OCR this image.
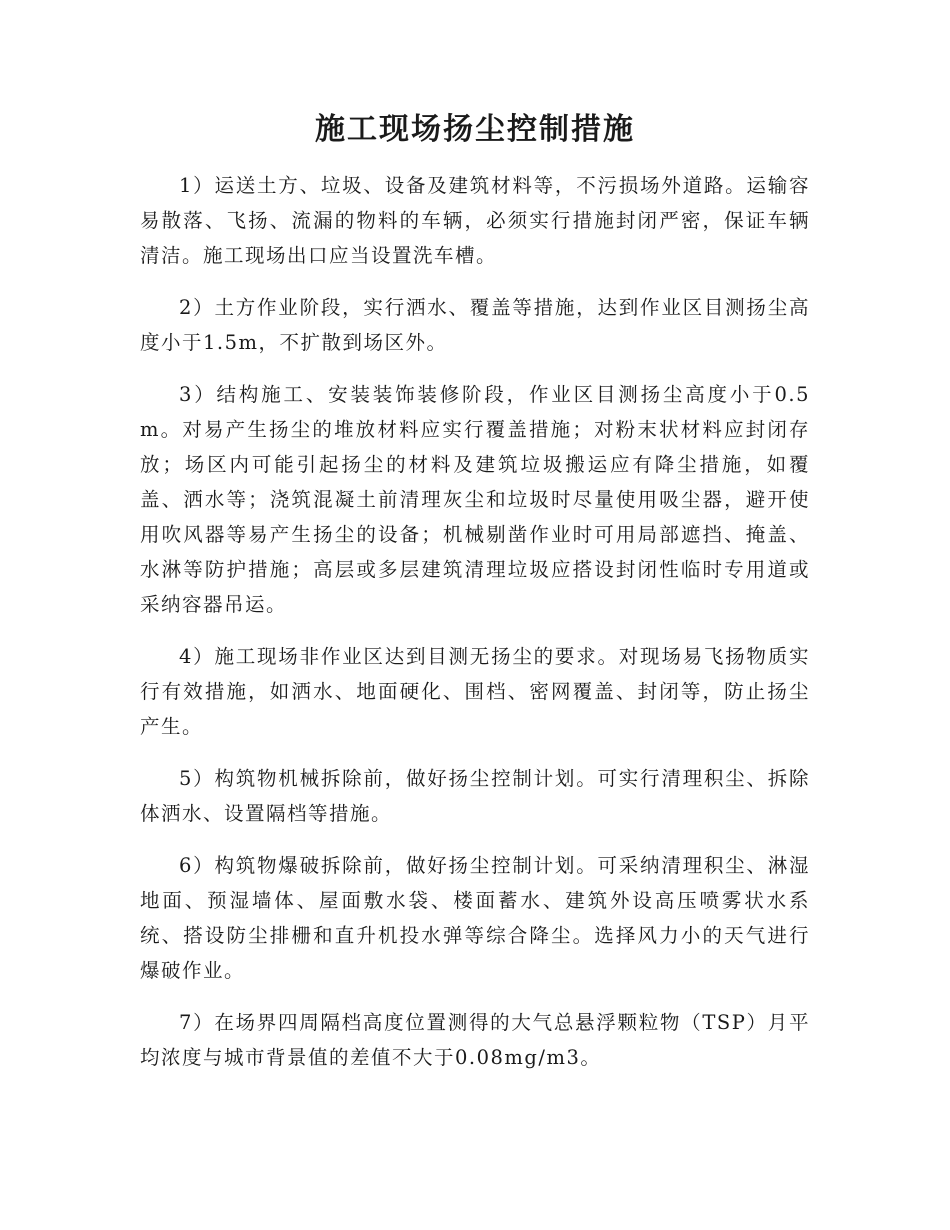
施工现场扬尘控制措施

1）运送土方、垃圾、设备及建筑材料等，不污损场外道路。运输容易散落、飞扬、流漏的物料的车辆，必须实行措施封闭严密，保证车辆清洁。施工现场出口应当设置洗车槽。

2）土方作业阶段，实行洒水、覆盖等措施，达到作业区目测扬尘高度小于1.5m，不扩散到场区外。

3）结构施工、安装装饰装修阶段，作业区目测扬尘高度小于0.5m。对易产生扬尘的堆放材料应实行覆盖措施；对粉末状材料应封闭存放；场区内可能引起扬尘的材料及建筑垃圾搬运应有降尘措施，如覆盖、洒水等；浇筑混凝土前清理灰尘和垃圾时尽量使用吸尘器，避开使用吹风器等易产生扬尘的设备；机械剔凿作业时可用局部遮挡、掩盖、水淋等防护措施；高层或多层建筑清理垃圾应搭设封闭性临时专用道或采纳容器吊运。

4）施工现场非作业区达到目测无扬尘的要求。对现场易飞扬物质实行有效措施，如洒水、地面硬化、围档、密网覆盖、封闭等，防止扬尘产生。

5）构筑物机械拆除前，做好扬尘控制计划。可实行清理积尘、拆除体洒水、设置隔档等措施。

6）构筑物爆破拆除前，做好扬尘控制计划。可采纳清理积尘、淋湿地面、预湿墙体、屋面敷水袋、楼面蓄水、建筑外设高压喷雾状水系统、搭设防尘排栅和直升机投水弹等综合降尘。选择风力小的天气进行爆破作业。

7）在场界四周隔档高度位置测得的大气总悬浮颗粒物（TSP）月平均浓度与城市背景值的差值不大于0.08mg/m3。
